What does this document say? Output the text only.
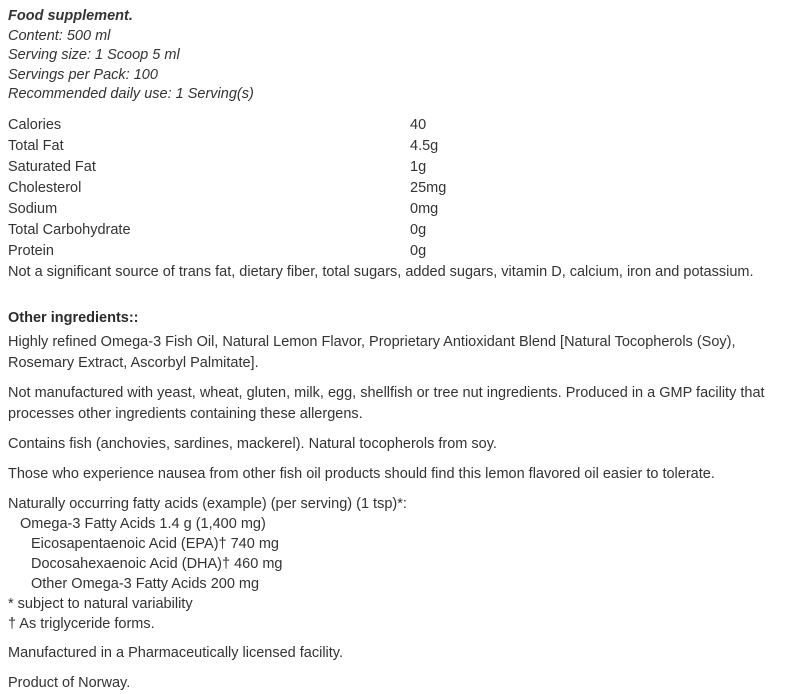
Food supplement.

Content: 500 ml

Serving size: 1 Scoop 5 ml

Servings per Pack: 100

Recommended daily use: 1 Serving(s)

Calories	40
Total Fat	4.5g
Saturated Fat	1g
Cholesterol	25mg
Sodium	0mg
Total Carbohydrate	0g
Protein	0g

Not a significant source of trans fat, dietary fiber, total sugars, added sugars, vitamin D, calcium, iron and potassium.

Other ingredients::

Highly refined Omega-3 Fish Oil, Natural Lemon Flavor, Proprietary Antioxidant Blend [Natural Tocopherols (Soy), Rosemary Extract, Ascorbyl Palmitate].

Not manufactured with yeast, wheat, gluten, milk, egg, shellfish or tree nut ingredients. Produced in a GMP facility that processes other ingredients containing these allergens.

Contains fish (anchovies, sardines, mackerel). Natural tocopherols from soy.

Those who experience nausea from other fish oil products should find this lemon flavored oil easier to tolerate.

Naturally occurring fatty acids (example) (per serving) (1 tsp)*:
Omega-3 Fatty Acids 1.4 g (1,400 mg)
Eicosapentaenoic Acid (EPA)† 740 mg
Docosahexaenoic Acid (DHA)† 460 mg
Other Omega-3 Fatty Acids 200 mg
* subject to natural variability
† As triglyceride forms.

Manufactured in a Pharmaceutically licensed facility.

Product of Norway.
